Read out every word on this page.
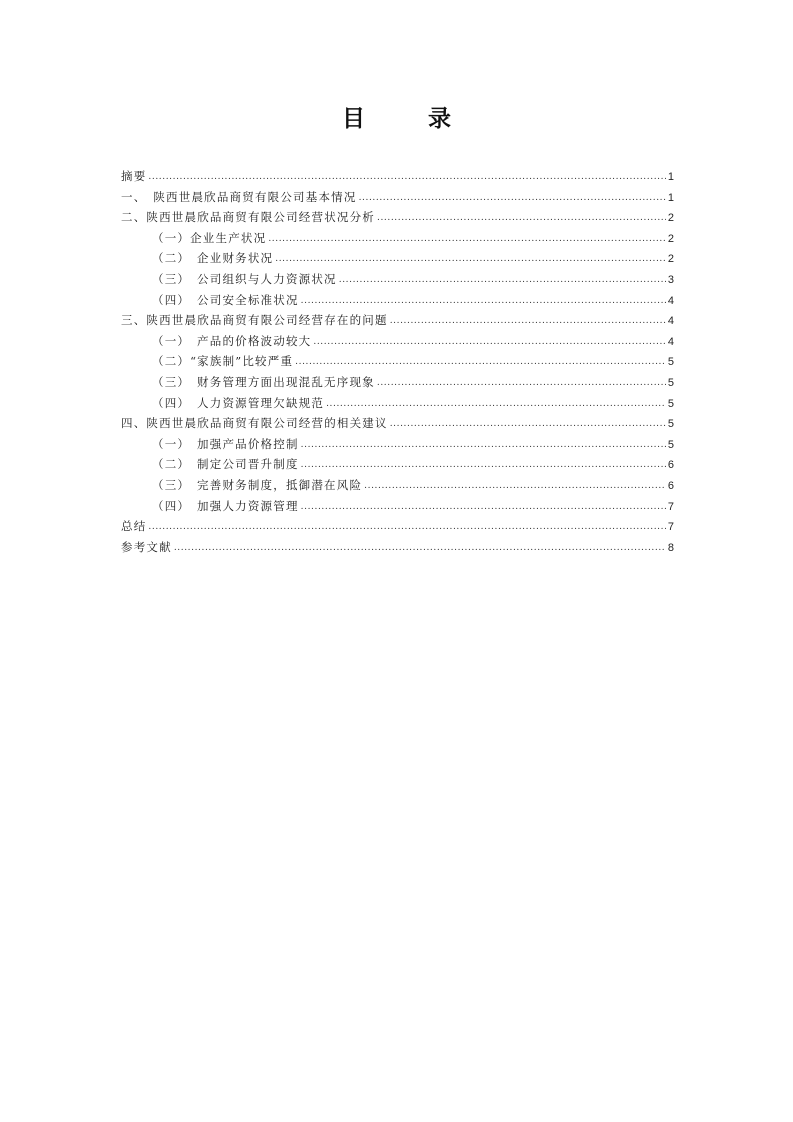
目　录
摘要 .....	1
一、　陕西世晨欣品商贸有限公司基本情况 .....	1
二、陕西世晨欣品商贸有限公司经营状况分析 .....	2
（一）企业生产状况 .....	2
（二）　企业财务状况 .....	2
（三）　公司组织与人力资源状况 .....	3
（四）　公司安全标准状况 .....	4
三、陕西世晨欣品商贸有限公司经营存在的问题 .....	4
（一）　产品的价格波动较大 .....	4
（二）“家族制”比较严重 .....	5
（三）　财务管理方面出现混乱无序现象 .....	5
（四）　人力资源管理欠缺规范 .....	5
四、陕西世晨欣品商贸有限公司经营的相关建议 .....	5
（一）　加强产品价格控制 .....	5
（二）　制定公司晋升制度 .....	6
（三）　完善财务制度，抵御潜在风险 .....	6
（四）　加强人力资源管理 .....	7
总结 .....	7
参考文献 .....	8
